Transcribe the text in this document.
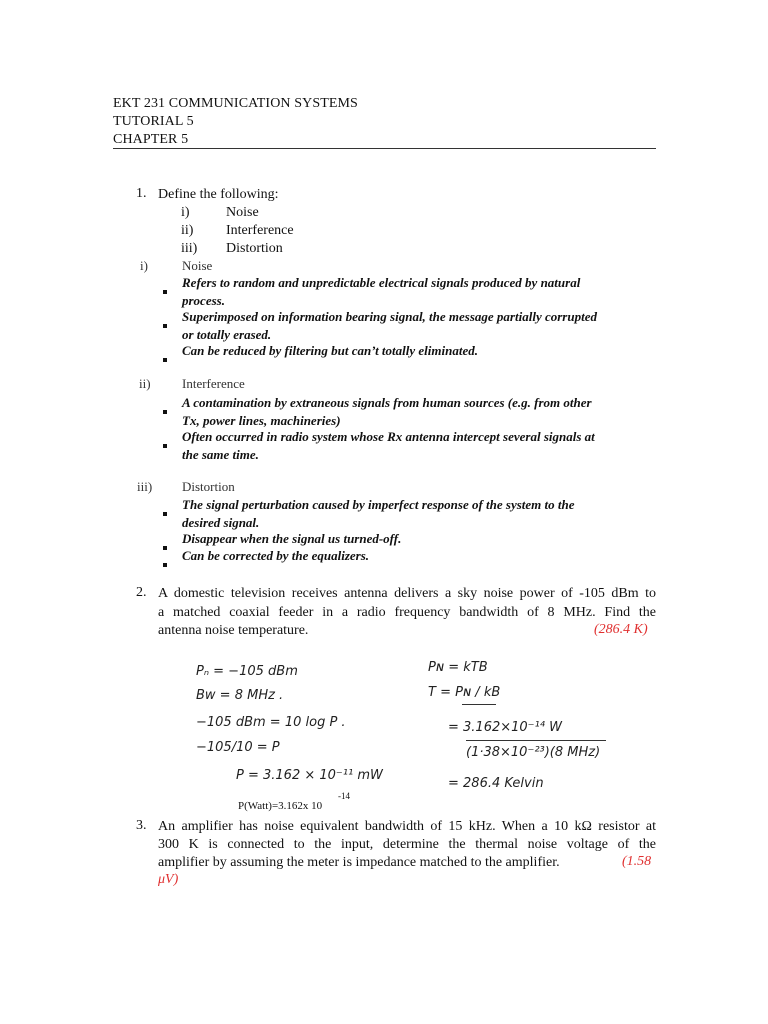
EKT 231 COMMUNICATION SYSTEMS
TUTORIAL 5
CHAPTER 5
1. Define the following:
i)	Noise
ii) Interference
iii) Distortion
i)	Noise
Refers to random and unpredictable electrical signals produced by natural process.
Superimposed on information bearing signal, the message partially corrupted or totally erased.
Can be reduced by filtering but can’t totally eliminated.
ii) Interference
A contamination by extraneous signals from human sources (e.g. from other Tx, power lines, machineries)
Often occurred in radio system whose Rx antenna intercept several signals at the same time.
iii) Distortion
The signal perturbation caused by imperfect response of the system to the desired signal.
Disappear when the signal us turned-off.
Can be corrected by the equalizers.
2. A domestic television receives antenna delivers a sky noise power of -105 dBm to
a matched coaxial feeder in a radio frequency bandwidth of 8 MHz. Find the
antenna noise temperature.	(286.4 K)
Pₙ = −105 dBm
Bw = 8 MHz .
−105 dBm = 10 log P .
−105/10 = P
P = 3.162 × 10⁻¹¹ mW
Pɴ = kTB
T = Pɴ / kB
= 3.162×10⁻¹⁴ W
(1·38×10⁻²³)(8 MHz)
= 286.4 Kelvin
P(Watt)=3.162x 10
-14
3. An amplifier has noise equivalent bandwidth of 15 kHz. When a 10 kΩ resistor at
300 K is connected to the input, determine the thermal noise voltage of the
amplifier by assuming the meter is impedance matched to the amplifier.	(1.58
μV)
